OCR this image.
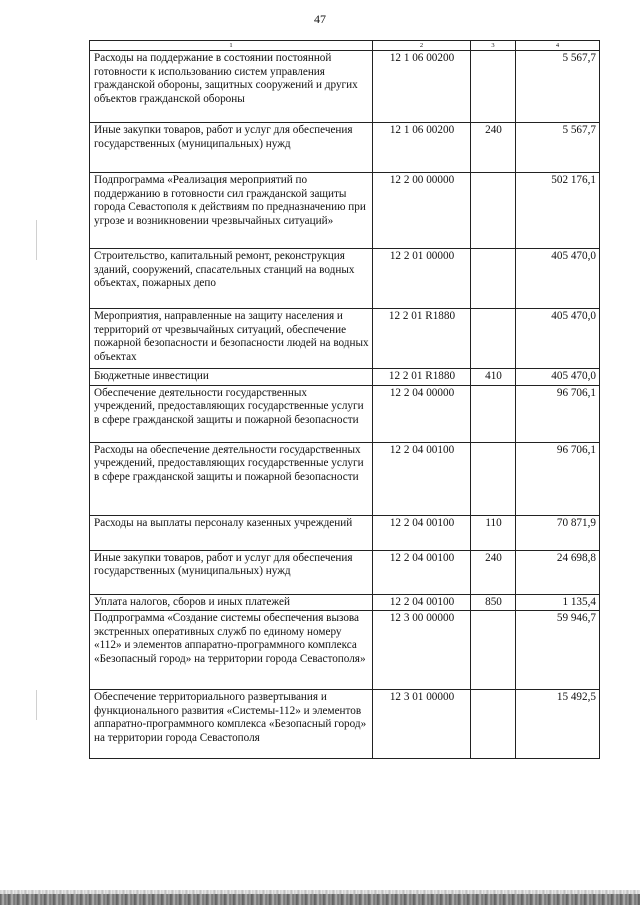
47
1	2	3	4
Расходы на поддержание в состоянии постоянной готовности к использованию систем управления гражданской обороны, защитных сооружений и других объектов гражданской обороны	12 1 06 00200		5 567,7
Иные закупки товаров, работ и услуг для обеспечения государственных (муниципальных) нужд	12 1 06 00200	240	5 567,7
Подпрограмма «Реализация мероприятий по поддержанию в готовности сил гражданской защиты города Севастополя к действиям по предназначению при угрозе и возникновении чрезвычайных ситуаций»	12 2 00 00000		502 176,1
Строительство, капитальный ремонт, реконструкция зданий, сооружений, спасательных станций на водных объектах, пожарных депо	12 2 01 00000		405 470,0
Мероприятия, направленные на защиту населения и территорий от чрезвычайных ситуаций, обеспечение пожарной безопасности и безопасности людей на водных объектах	12 2 01 R1880		405 470,0
Бюджетные инвестиции	12 2 01 R1880	410	405 470,0
Обеспечение деятельности государственных учреждений, предоставляющих государственные услуги в сфере гражданской защиты и пожарной безопасности	12 2 04 00000		96 706,1
Расходы на обеспечение деятельности государственных учреждений, предоставляющих государственные услуги в сфере гражданской защиты и пожарной безопасности	12 2 04 00100		96 706,1
Расходы на выплаты персоналу казенных учреждений	12 2 04 00100	110	70 871,9
Иные закупки товаров, работ и услуг для обеспечения государственных (муниципальных) нужд	12 2 04 00100	240	24 698,8
Уплата налогов, сборов и иных платежей	12 2 04 00100	850	1 135,4
Подпрограмма «Создание системы обеспечения вызова экстренных оперативных служб по единому номеру «112» и элементов аппаратно-программного комплекса «Безопасный город» на территории города Севастополя»	12 3 00 00000		59 946,7
Обеспечение территориального развертывания и функционального развития «Системы-112» и элементов аппаратно-программного комплекса «Безопасный город» на территории города Севастополя	12 3 01 00000		15 492,5
